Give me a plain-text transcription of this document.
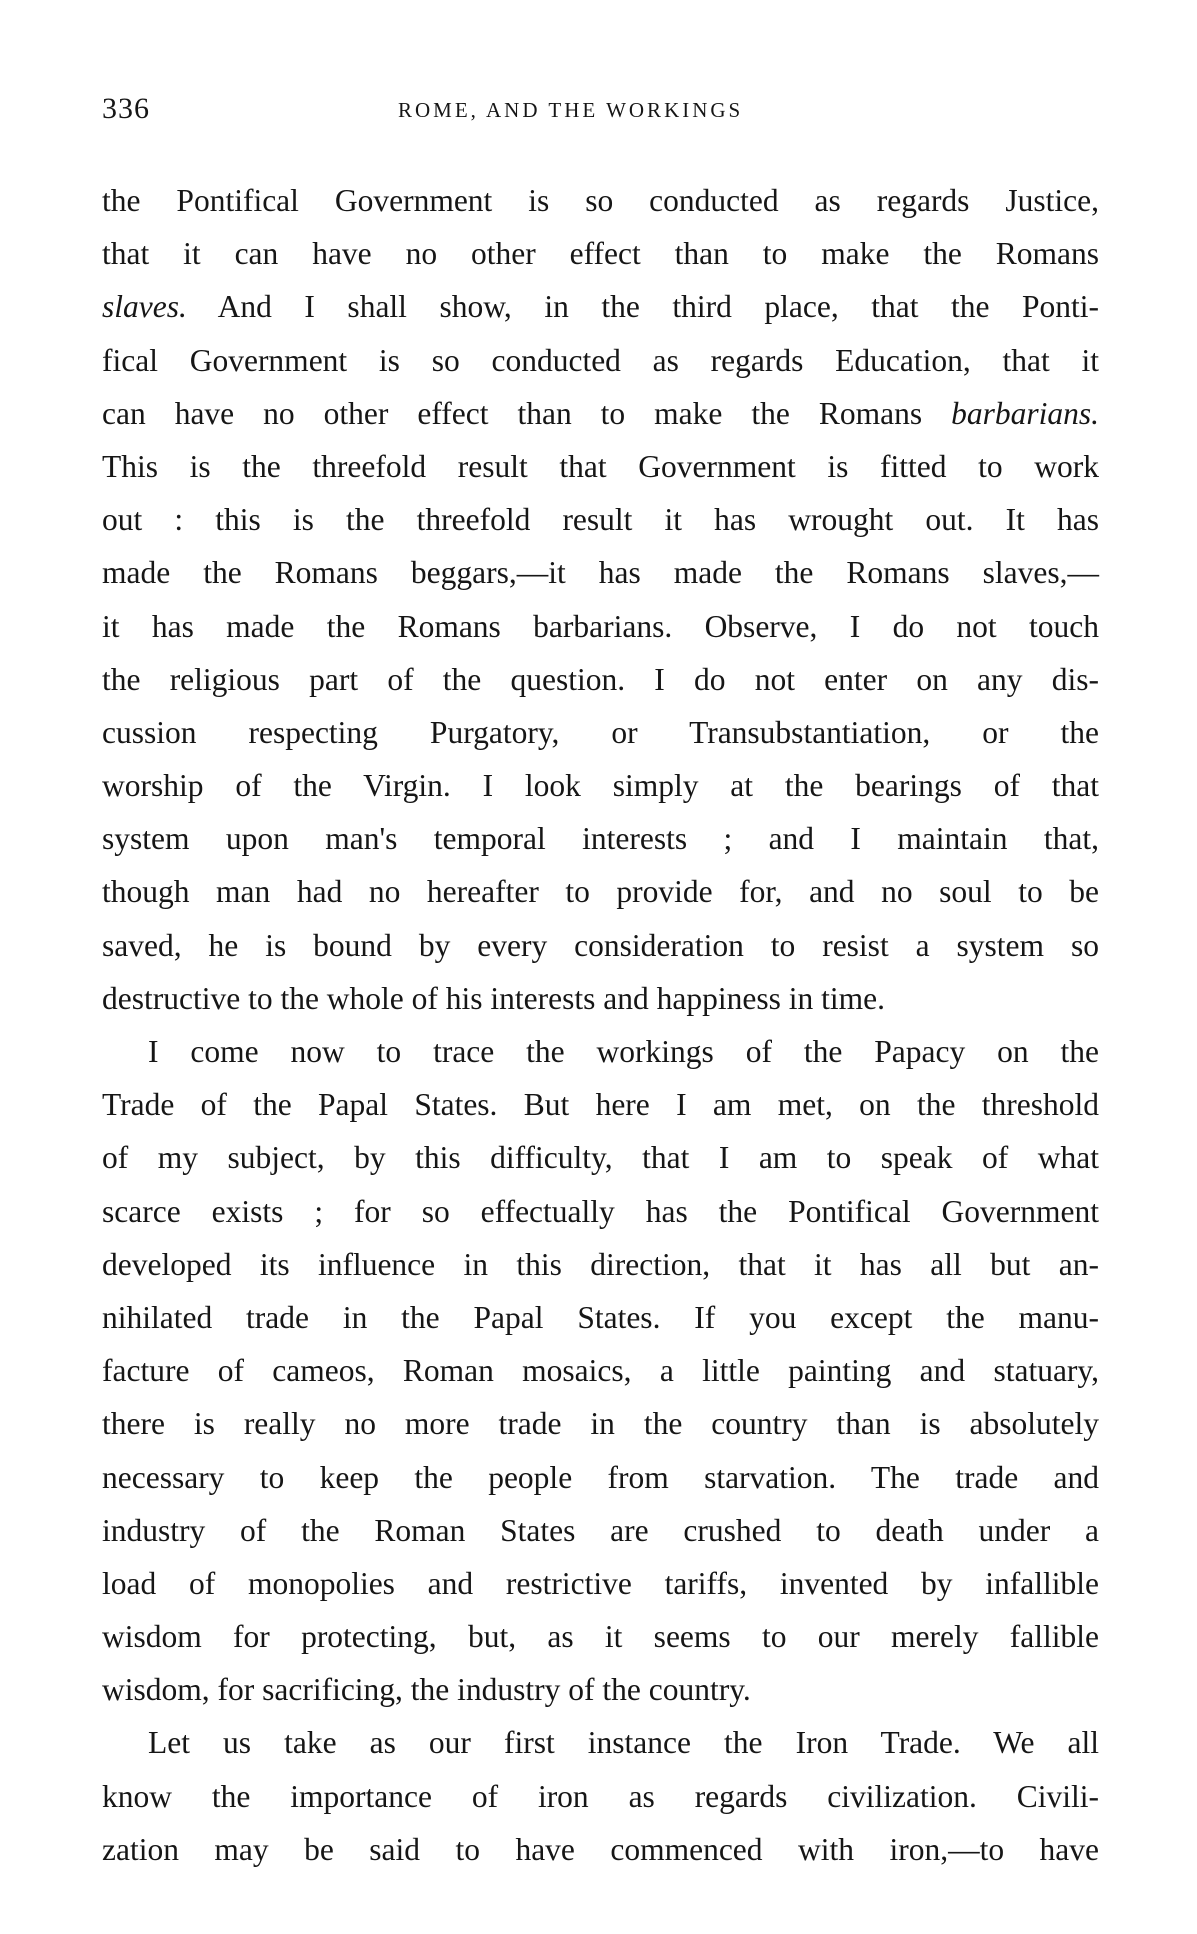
336	ROME, AND THE WORKINGS
the Pontifical Government is so conducted as regards Justice,
that it can have no other effect than to make the Romans
slaves. And I shall show, in the third place, that the Ponti-
fical Government is so conducted as regards Education, that it
can have no other effect than to make the Romans barbarians.
This is the threefold result that Government is fitted to work
out : this is the threefold result it has wrought out. It has
made the Romans beggars,—it has made the Romans slaves,—
it has made the Romans barbarians. Observe, I do not touch
the religious part of the question. I do not enter on any dis-
cussion respecting Purgatory, or Transubstantiation, or the
worship of the Virgin. I look simply at the bearings of that
system upon man's temporal interests ; and I maintain that,
though man had no hereafter to provide for, and no soul to be
saved, he is bound by every consideration to resist a system so
destructive to the whole of his interests and happiness in time.
I come now to trace the workings of the Papacy on the
Trade of the Papal States. But here I am met, on the threshold
of my subject, by this difficulty, that I am to speak of what
scarce exists ; for so effectually has the Pontifical Government
developed its influence in this direction, that it has all but an-
nihilated trade in the Papal States. If you except the manu-
facture of cameos, Roman mosaics, a little painting and statuary,
there is really no more trade in the country than is absolutely
necessary to keep the people from starvation. The trade and
industry of the Roman States are crushed to death under a
load of monopolies and restrictive tariffs, invented by infallible
wisdom for protecting, but, as it seems to our merely fallible
wisdom, for sacrificing, the industry of the country.
Let us take as our first instance the Iron Trade. We all
know the importance of iron as regards civilization. Civili-
zation may be said to have commenced with iron,—to have
